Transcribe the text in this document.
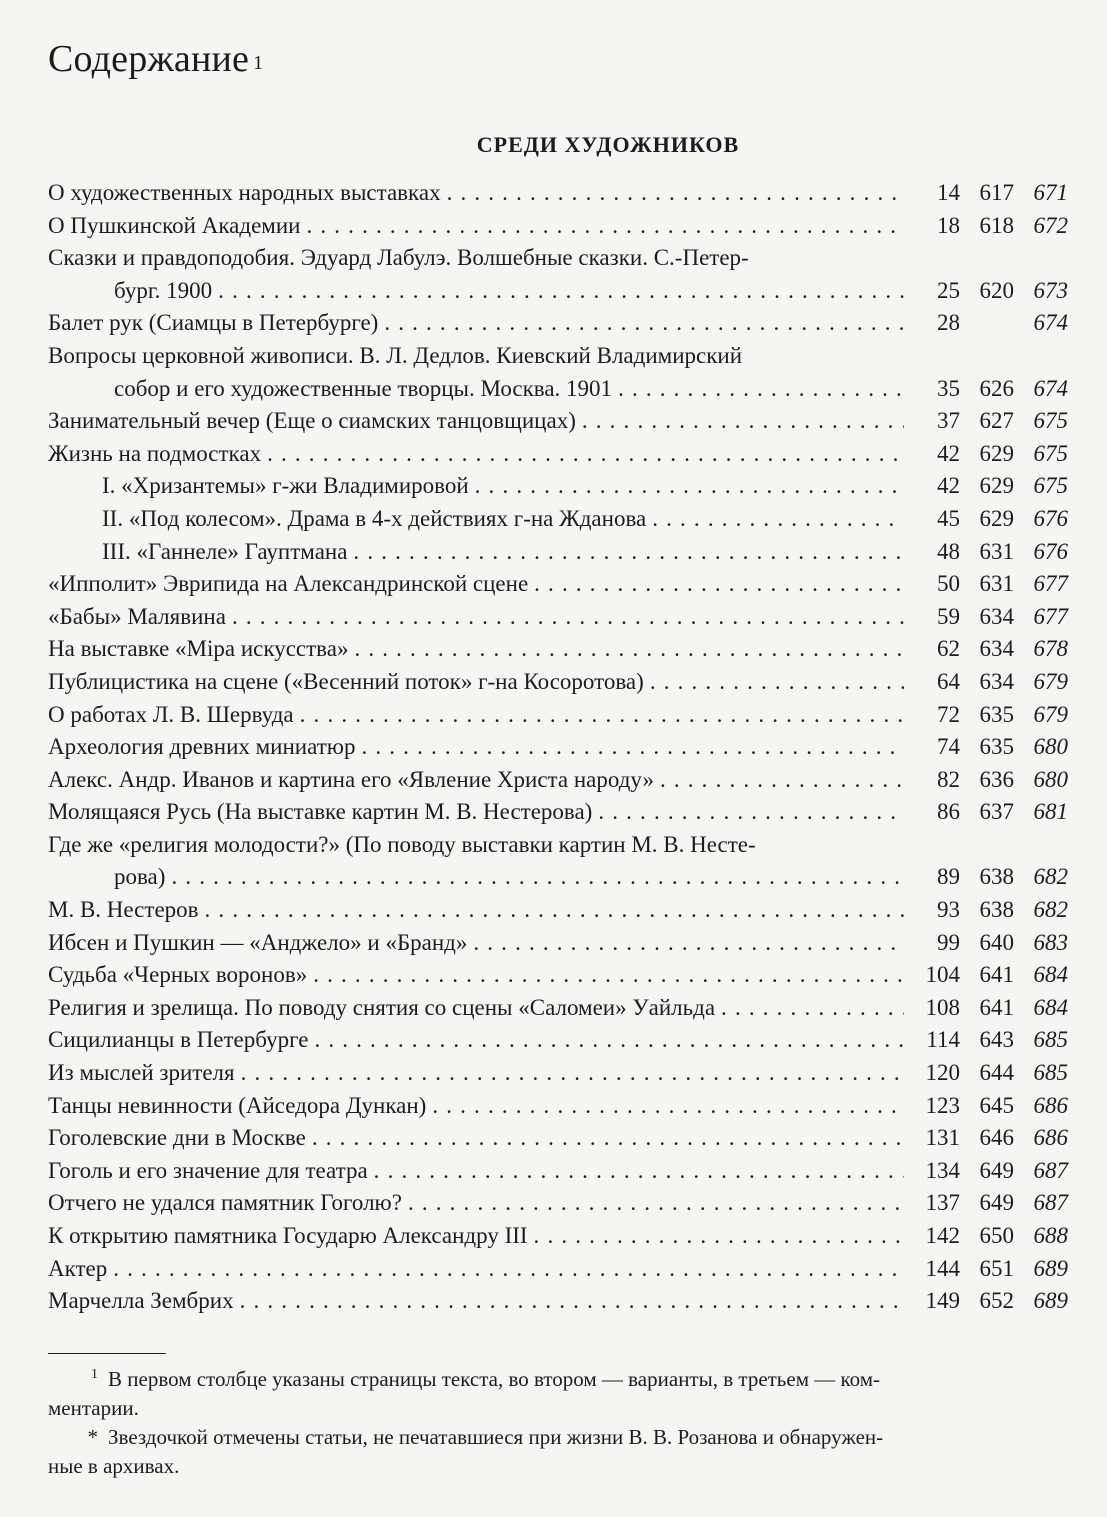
Содержание $^1$
СРЕДИ ХУДОЖНИКОВ
О художественных народных выставках . . .	14 617 671
О Пушкинской Академии . . .	18 618 672
Сказки и правдоподобия. Эдуард Лабулэ. Волшебные сказки. С.-Петер-
бург. 1900 . . .	25 620 673
Балет рук (Сиамцы в Петербурге) . . .	28	674
Вопросы церковной живописи. В. Л. Дедлов. Киевский Владимирский
собор и его художественные творцы. Москва. 1901 . . .	35 626 674
Занимательный вечер (Еще о сиамских танцовщицах) . . .	37 627 675
Жизнь на подмостках . . .	42 629 675
I. «Хризантемы» г-жи Владимировой . . .	42 629 675
II. «Под колесом». Драма в 4-х действиях г-на Жданова . . .	45 629 676
III. «Ганнеле» Гауптмана . . .	48 631 676
«Ипполит» Эврипида на Александринской сцене . . .	50 631 677
«Бабы» Малявина . . .	59 634 677
На выставке «Міра искусства» . . .	62 634 678
Публицистика на сцене («Весенний поток» г-на Косоротова) . . .	64 634 679
О работах Л. В. Шервуда . . .	72 635 679
Археология древних миниатюр . . .	74 635 680
Алекс. Андр. Иванов и картина его «Явление Христа народу» . . .	82 636 680
Молящаяся Русь (На выставке картин М. В. Нестерова) . . .	86 637 681
Где же «религия молодости?» (По поводу выставки картин М. В. Несте-
рова) . . .	89 638 682
М. В. Нестеров . . .	93 638 682
Ибсен и Пушкин — «Анджело» и «Бранд» . . .	99 640 683
Судьба «Черных воронов» . . .	104 641 684
Религия и зрелища. По поводу снятия со сцены «Саломеи» Уайльда . . .	108 641 684
Сицилианцы в Петербурге . . .	114 643 685
Из мыслей зрителя . . .	120 644 685
Танцы невинности (Айседора Дункан) . . .	123 645 686
Гоголевские дни в Москве . . .	131 646 686
Гоголь и его значение для театра . . .	134 649 687
Отчего не удался памятник Гоголю? . . .	137 649 687
К открытию памятника Государю Александру III . . .	142 650 688
Актер . . .	144 651 689
Марчелла Зембрих . . .	149 652 689
$^1$ В первом столбце указаны страницы текста, во втором — варианты, в третьем — ком-
ментарии.
* Звездочкой отмечены статьи, не печатавшиеся при жизни В. В. Розанова и обнаружен-
ные в архивах.
